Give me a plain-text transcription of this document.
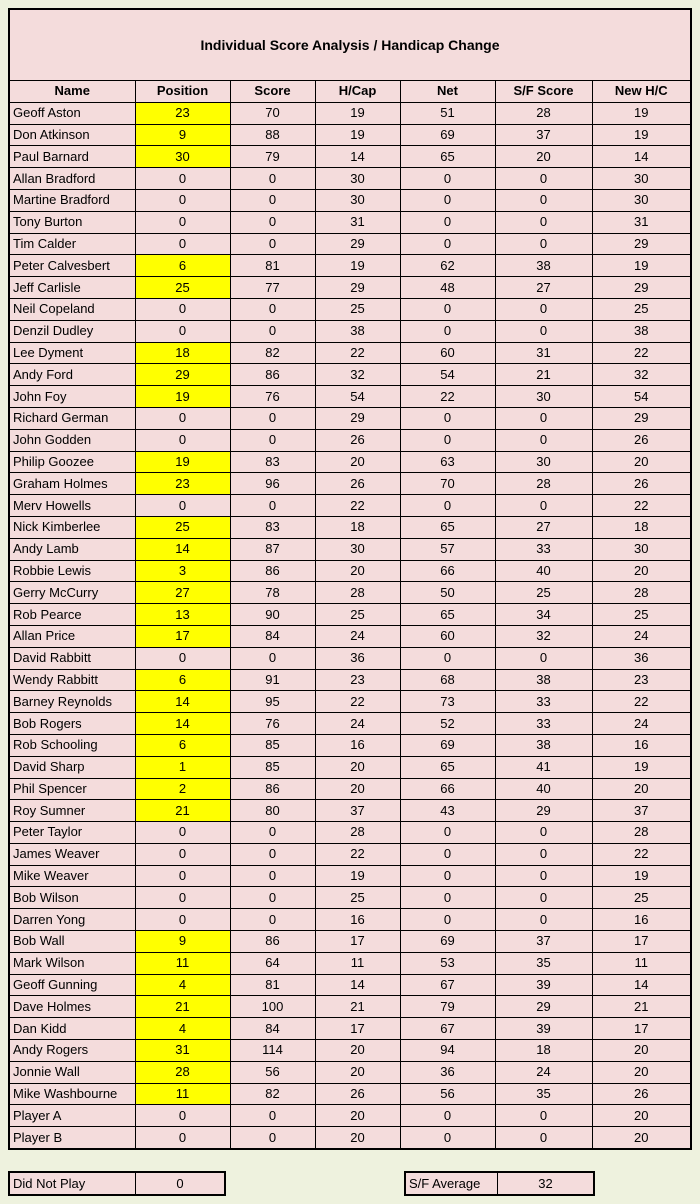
Individual Score Analysis / Handicap Change
Name	Position	Score	H/Cap	Net	S/F Score	New H/C
Geoff Aston	23	70	19	51	28	19
Don Atkinson	9	88	19	69	37	19
Paul Barnard	30	79	14	65	20	14
Allan Bradford	0	0	30	0	0	30
Martine Bradford	0	0	30	0	0	30
Tony Burton	0	0	31	0	0	31
Tim Calder	0	0	29	0	0	29
Peter Calvesbert	6	81	19	62	38	19
Jeff Carlisle	25	77	29	48	27	29
Neil Copeland	0	0	25	0	0	25
Denzil Dudley	0	0	38	0	0	38
Lee Dyment	18	82	22	60	31	22
Andy Ford	29	86	32	54	21	32
John Foy	19	76	54	22	30	54
Richard German	0	0	29	0	0	29
John Godden	0	0	26	0	0	26
Philip Goozee	19	83	20	63	30	20
Graham Holmes	23	96	26	70	28	26
Merv Howells	0	0	22	0	0	22
Nick Kimberlee	25	83	18	65	27	18
Andy Lamb	14	87	30	57	33	30
Robbie Lewis	3	86	20	66	40	20
Gerry McCurry	27	78	28	50	25	28
Rob Pearce	13	90	25	65	34	25
Allan Price	17	84	24	60	32	24
David Rabbitt	0	0	36	0	0	36
Wendy Rabbitt	6	91	23	68	38	23
Barney Reynolds	14	95	22	73	33	22
Bob Rogers	14	76	24	52	33	24
Rob Schooling	6	85	16	69	38	16
David Sharp	1	85	20	65	41	19
Phil Spencer	2	86	20	66	40	20
Roy Sumner	21	80	37	43	29	37
Peter Taylor	0	0	28	0	0	28
James Weaver	0	0	22	0	0	22
Mike Weaver	0	0	19	0	0	19
Bob Wilson	0	0	25	0	0	25
Darren Yong	0	0	16	0	0	16
Bob Wall	9	86	17	69	37	17
Mark Wilson	11	64	11	53	35	11
Geoff Gunning	4	81	14	67	39	14
Dave Holmes	21	100	21	79	29	21
Dan Kidd	4	84	17	67	39	17
Andy Rogers	31	114	20	94	18	20
Jonnie Wall	28	56	20	36	24	20
Mike Washbourne	11	82	26	56	35	26
Player A	0	0	20	0	0	20
Player B	0	0	20	0	0	20
Did Not Play	0	S/F Average	32
